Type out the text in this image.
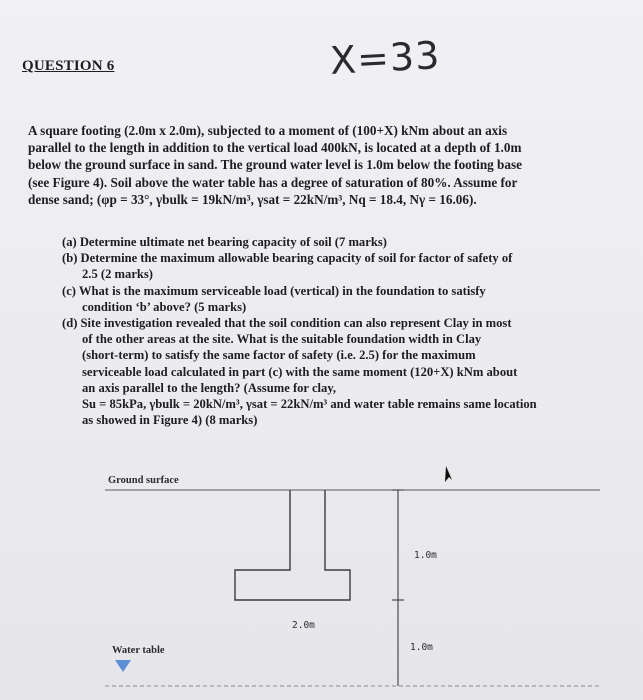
QUESTION 6	X=33
A square footing (2.0m x 2.0m), subjected to a moment of (100+X) kNm about an axis
parallel to the length in addition to the vertical load 400kN, is located at a depth of 1.0m
below the ground surface in sand. The ground water level is 1.0m below the footing base
(see Figure 4). Soil above the water table has a degree of saturation of 80%. Assume for
dense sand; (φp = 33°, γbulk = 19kN/m³, γsat = 22kN/m³, Nq = 18.4, Nγ = 16.06).
(a) Determine ultimate net bearing capacity of soil (7 marks)
(b) Determine the maximum allowable bearing capacity of soil for factor of safety of
2.5 (2 marks)
(c) What is the maximum serviceable load (vertical) in the foundation to satisfy
condition ‘b’ above? (5 marks)
(d) Site investigation revealed that the soil condition can also represent Clay in most
of the other areas at the site. What is the suitable foundation width in Clay
(short-term) to satisfy the same factor of safety (i.e. 2.5) for the maximum
serviceable load calculated in part (c) with the same moment (120+X) kNm about
an axis parallel to the length? (Assume for clay,
Su = 85kPa, γbulk = 20kN/m³, γsat = 22kN/m³ and water table remains same location
as showed in Figure 4) (8 marks)
Ground surface
1.0m
2.0m
1.0m
Water table
